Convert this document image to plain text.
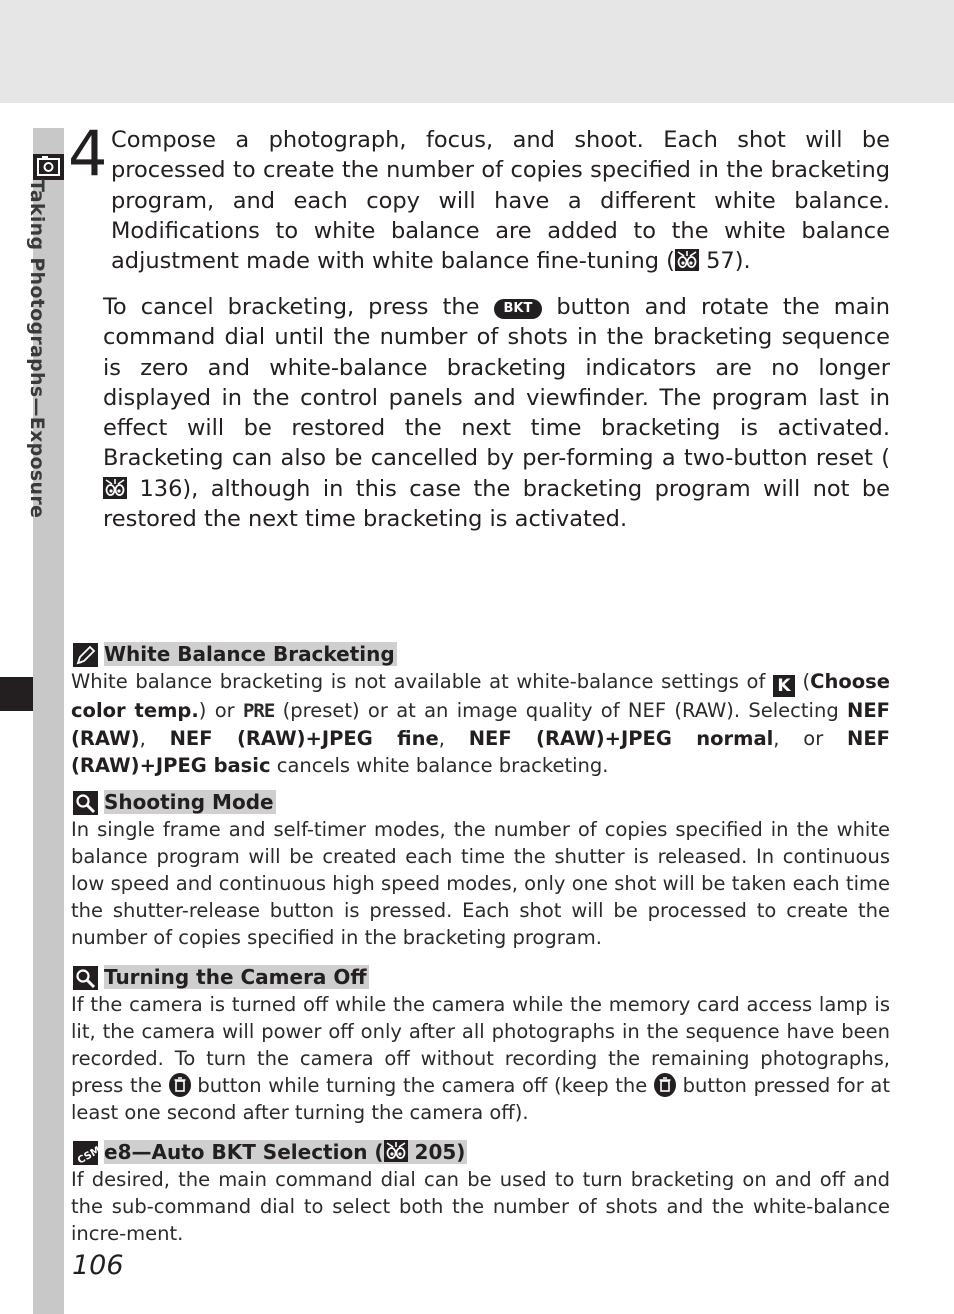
Taking Photographs—Exposure
4 Compose a photograph, focus, and shoot. Each shot will be processed to create the number of copies specified in the bracketing program, and each copy will have a different white balance. Modifications to white balance are added to the white balance adjustment made with white balance fine-tuning ( 57).

To cancel bracketing, press the BKT button and rotate the main command dial until the number of shots in the bracketing sequence is zero and white-balance bracketing indicators are no longer displayed in the control panels and viewfinder. The program last in effect will be restored the next time bracketing is activated. Bracketing can also be cancelled by per-forming a two-button reset (
136), although in this case the bracketing program will not be restored the next time bracketing is activated.

White Balance Bracketing

White balance bracketing is not available at white-balance settings of K (Choose color temp.) or PRE (preset) or at an image quality of NEF (RAW). Selecting NEF (RAW), NEF (RAW)+JPEG fine, NEF (RAW)+JPEG normal, or NEF (RAW)+JPEG basic cancels white balance bracketing.

Shooting Mode

In single frame and self-timer modes, the number of copies specified in the white balance program will be created each time the shutter is released. In continuous low speed and continuous high speed modes, only one shot will be taken each time the shutter-release button is pressed. Each shot will be processed to create the number of copies specified in the bracketing program.

Turning the Camera Off

If the camera is turned off while the camera while the memory card access lamp is lit, the camera will power off only after all photographs in the sequence have been recorded. To turn the camera off without recording the remaining photographs, press the
button while turning the camera off (keep the
button pressed for at least one second after turning the camera off).

CSM e8—Auto BKT Selection ( 205)

If desired, the main command dial can be used to turn bracketing on and off and the sub-command dial to select both the number of shots and the white-balance incre-ment.

106
